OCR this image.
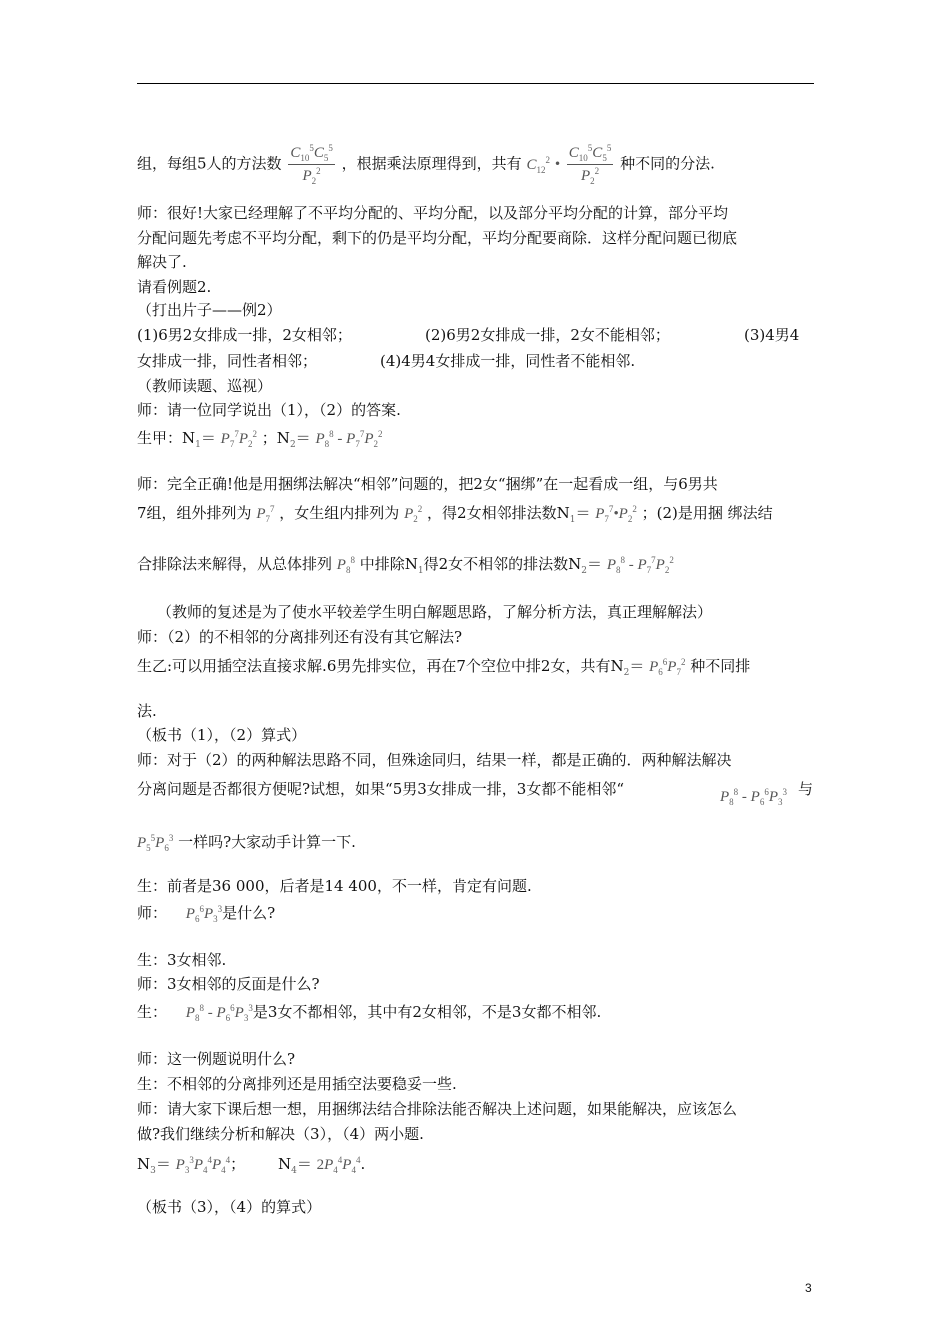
组，每组5人的方法数 $\frac{C_{10}^5C_5^5}{P_2^2}$ ，根据乘法原理得到，共有 $C_{12}^2$ • $\frac{C_{10}^5C_5^5}{P_2^2}$ 种不同的分法.
师：很好!大家已经理解了不平均分配的、平均分配，以及部分平均分配的计算，部分平均
分配问题先考虑不平均分配，剩下的仍是平均分配，平均分配要商除．这样分配问题已彻底
解决了.
请看例题2.
（打出片子——例2）
(1)6男2女排成一排，2女相邻；	(2)6男2女排成一排，2女不能相邻；	(3)4男4
女排成一排，同性者相邻；	(4)4男4女排成一排，同性者不能相邻.
（教师读题、巡视）
师：请一位同学说出（1），（2）的答案.
生甲：$N_1= P_7^7P_2^2$ ；$N_2= P_8^8 - P_7^7P_2^2$
师：完全正确!他是用捆绑法解决“相邻”问题的，把2女“捆绑”在一起看成一组，与6男共
7组，组外排列为 $P_7^7$ ，女生组内排列为 $P_2^2$ ，得2女相邻排法数$N_1=$ $P_7^7•P_2^2$ ；(2)是用捆 绑法结
合排除法来解得，从总体排列 $P_8^8$ 中排除$N_1$得2女不相邻的排法数$N_2= P_8^8 - P_7^7P_2^2$
（教师的复述是为了使水平较差学生明白解题思路，了解分析方法，真正理解解法）
师：（2）的不相邻的分离排列还有没有其它解法?
生乙:可以用插空法直接求解.6男先排实位，再在7个空位中排2女，共有$N_2= P_6^6P_7^2$ 种不同排
法.
（板书（1），（2）算式）
师：对于（2）的两种解法思路不同，但殊途同归，结果一样，都是正确的．两种解法解决
分离问题是否都很方便呢?试想，如果“5男3女排成一排，3女都不能相邻“	$P_8^8 - P_6^6P_3^3$ 与
$P_5^5P_6^3$ 一样吗?大家动手计算一下.
生：前者是36 000，后者是14 400，不一样，肯定有问题.
师： $P_6^6P_3^3$是什么?
生：3女相邻.
师：3女相邻的反面是什么?
生： $P_8^8 - P_6^6P_3^3$是3女不都相邻，其中有2女相邻，不是3女都不相邻.
师：这一例题说明什么?
生：不相邻的分离排列还是用插空法要稳妥一些.
师：请大家下课后想一想，用捆绑法结合排除法能否解决上述问题，如果能解决，应该怎么
做?我们继续分析和解决（3），（4）两小题.
$N_3= P_3^3P_4^4P_4^4$； $N_4= 2P_4^4P_4^4$.
（板书（3），（4）的算式）
3
